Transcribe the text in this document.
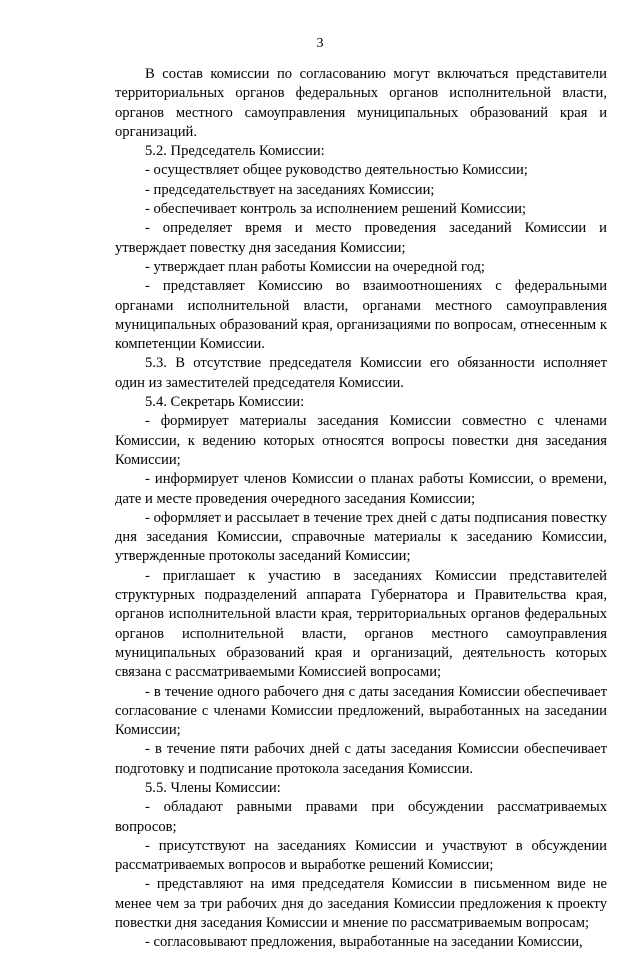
3

В состав комиссии по согласованию могут включаться представители территориальных органов федеральных органов исполнительной власти, органов местного самоуправления муниципальных образований края и организаций.

5.2. Председатель Комиссии:

- осуществляет общее руководство деятельностью Комиссии;

- председательствует на заседаниях Комиссии;

- обеспечивает контроль за исполнением решений Комиссии;

- определяет время и место проведения заседаний Комиссии и утверждает повестку дня заседания Комиссии;

- утверждает план работы Комиссии на очередной год;

- представляет Комиссию во взаимоотношениях с федеральными органами исполнительной власти, органами местного самоуправления муниципальных образований края, организациями по вопросам, отнесенным к компетенции Комиссии.

5.3. В отсутствие председателя Комиссии его обязанности исполняет один из заместителей председателя Комиссии.

5.4. Секретарь Комиссии:

- формирует материалы заседания Комиссии совместно с членами Комиссии, к ведению которых относятся вопросы повестки дня заседания Комиссии;

- информирует членов Комиссии о планах работы Комиссии, о времени, дате и месте проведения очередного заседания Комиссии;

- оформляет и рассылает в течение трех дней с даты подписания повестку дня заседания Комиссии, справочные материалы к заседанию Комиссии, утвержденные протоколы заседаний Комиссии;

- приглашает к участию в заседаниях Комиссии представителей структурных подразделений аппарата Губернатора и Правительства края, органов исполнительной власти края, территориальных органов федеральных органов исполнительной власти, органов местного самоуправления муниципальных образований края и организаций, деятельность которых связана с рассматриваемыми Комиссией вопросами;

- в течение одного рабочего дня с даты заседания Комиссии обеспечивает согласование с членами Комиссии предложений, выработанных на заседании Комиссии;

- в течение пяти рабочих дней с даты заседания Комиссии обеспечивает подготовку и подписание протокола заседания Комиссии.

5.5. Члены Комиссии:

- обладают равными правами при обсуждении рассматриваемых вопросов;

- присутствуют на заседаниях Комиссии и участвуют в обсуждении рассматриваемых вопросов и выработке решений Комиссии;

- представляют на имя председателя Комиссии в письменном виде не менее чем за три рабочих дня до заседания Комиссии предложения к проекту повестки дня заседания Комиссии и мнение по рассматриваемым вопросам;

- согласовывают предложения, выработанные на заседании Комиссии,
